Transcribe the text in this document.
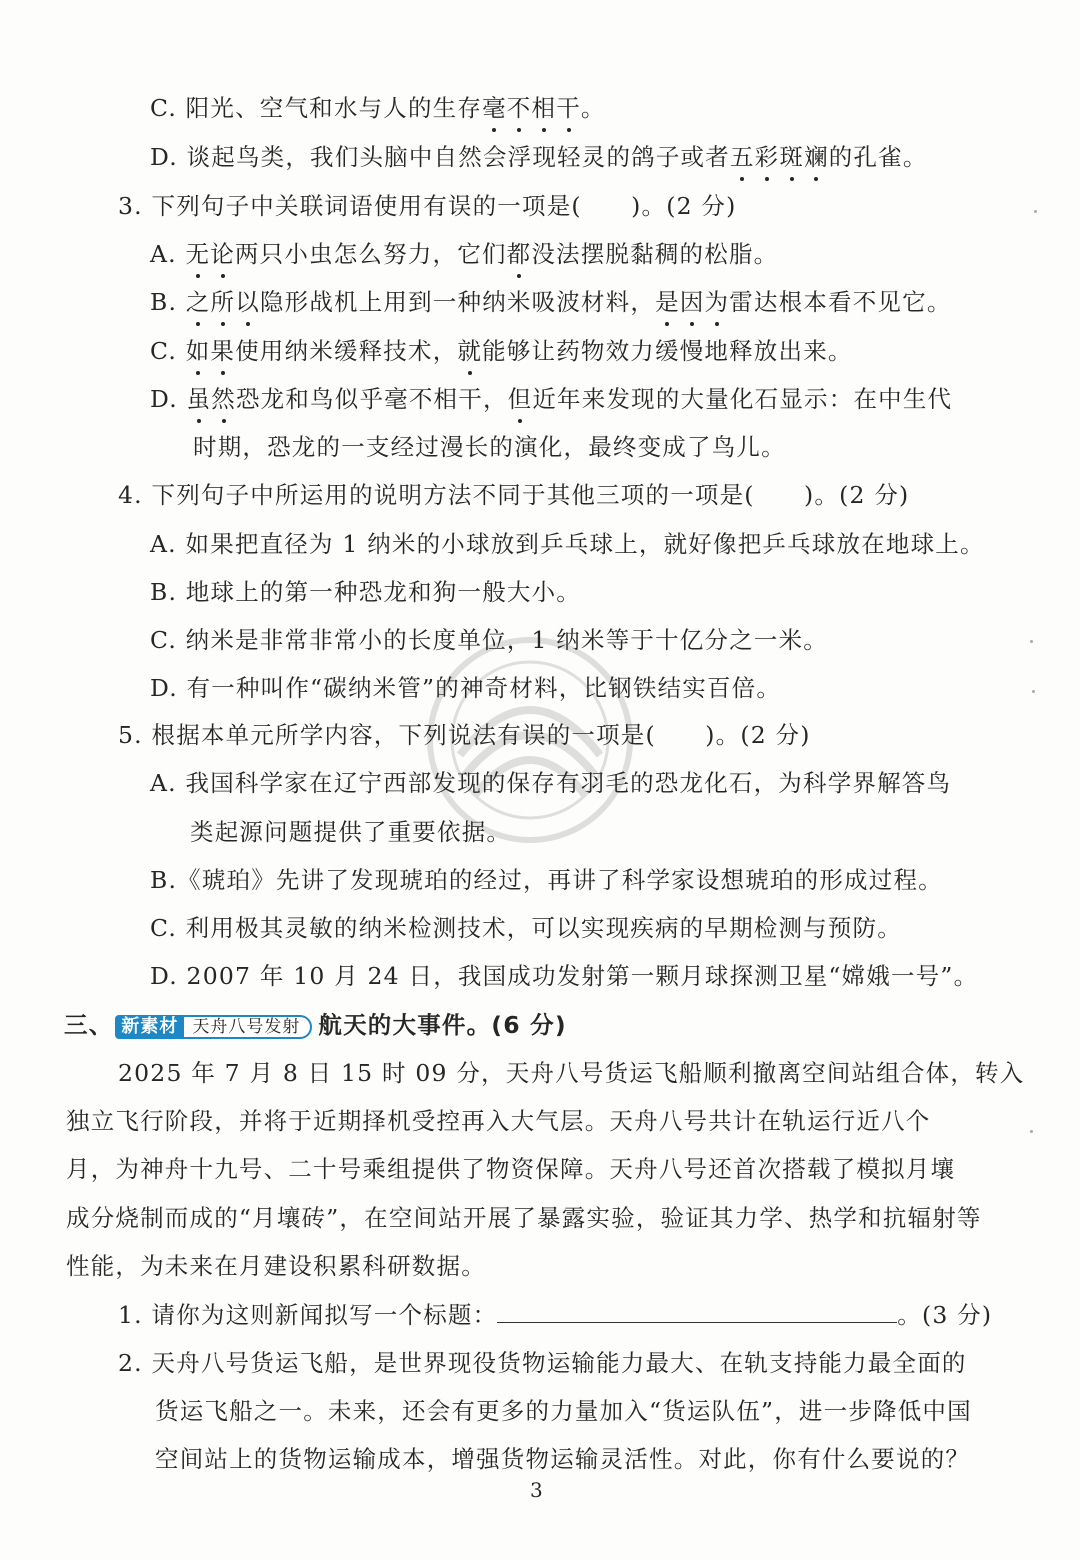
C. 阳光、空气和水与人的生存毫不相干。
D. 谈起鸟类，我们头脑中自然会浮现轻灵的鸽子或者五彩斑斓的孔雀。
3. 下列句子中关联词语使用有误的一项是(　　)。(2 分)
A. 无论两只小虫怎么努力，它们都没法摆脱黏稠的松脂。
B. 之所以隐形战机上用到一种纳米吸波材料，是因为雷达根本看不见它。
C. 如果使用纳米缓释技术，就能够让药物效力缓慢地释放出来。
D. 虽然恐龙和鸟似乎毫不相干，但近年来发现的大量化石显示：在中生代
时期，恐龙的一支经过漫长的演化，最终变成了鸟儿。
4. 下列句子中所运用的说明方法不同于其他三项的一项是(　　)。(2 分)
A. 如果把直径为 1 纳米的小球放到乒乓球上，就好像把乒乓球放在地球上。
B. 地球上的第一种恐龙和狗一般大小。
C. 纳米是非常非常小的长度单位，1 纳米等于十亿分之一米。
D. 有一种叫作“碳纳米管”的神奇材料，比钢铁结实百倍。
5. 根据本单元所学内容，下列说法有误的一项是(　　)。(2 分)
A. 我国科学家在辽宁西部发现的保存有羽毛的恐龙化石，为科学界解答鸟
类起源问题提供了重要依据。
B.《琥珀》先讲了发现琥珀的经过，再讲了科学家设想琥珀的形成过程。
C. 利用极其灵敏的纳米检测技术，可以实现疾病的早期检测与预防。
D. 2007 年 10 月 24 日，我国成功发射第一颗月球探测卫星“嫦娥一号”。
三、 新素材 天舟八号发射 航天的大事件。(6 分)
2025 年 7 月 8 日 15 时 09 分，天舟八号货运飞船顺利撤离空间站组合体，转入
独立飞行阶段，并将于近期择机受控再入大气层。天舟八号共计在轨运行近八个
月，为神舟十九号、二十号乘组提供了物资保障。天舟八号还首次搭载了模拟月壤
成分烧制而成的“月壤砖”，在空间站开展了暴露实验，验证其力学、热学和抗辐射等
性能，为未来在月建设积累科研数据。
1. 请你为这则新闻拟写一个标题：	。(3 分)
2. 天舟八号货运飞船，是世界现役货物运输能力最大、在轨支持能力最全面的
货运飞船之一。未来，还会有更多的力量加入“货运队伍”，进一步降低中国
空间站上的货物运输成本，增强货物运输灵活性。对此，你有什么要说的？
3
